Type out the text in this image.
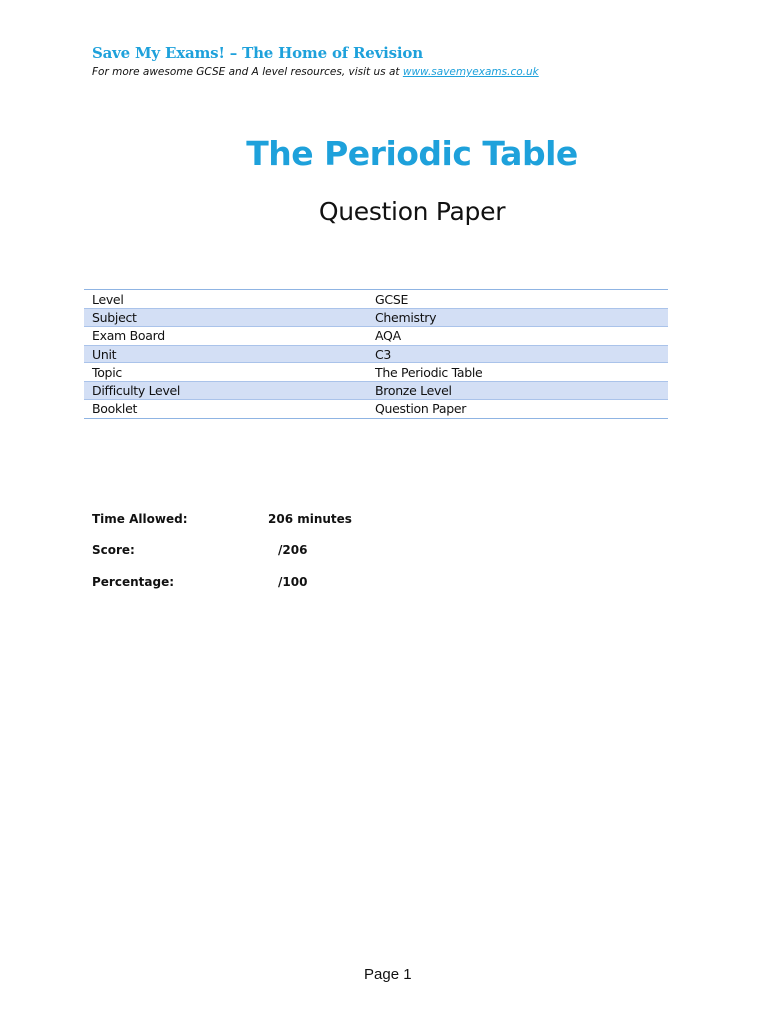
Save My Exams! – The Home of Revision
For more awesome GCSE and A level resources, visit us at www.savemyexams.co.uk
The Periodic Table
Question Paper
Level	GCSE
Subject	Chemistry
Exam Board	AQA
Unit	C3
Topic	The Periodic Table
Difficulty Level	Bronze Level
Booklet	Question Paper
Time Allowed:	206 minutes
Score:	/206
Percentage:	/100
Page 1
